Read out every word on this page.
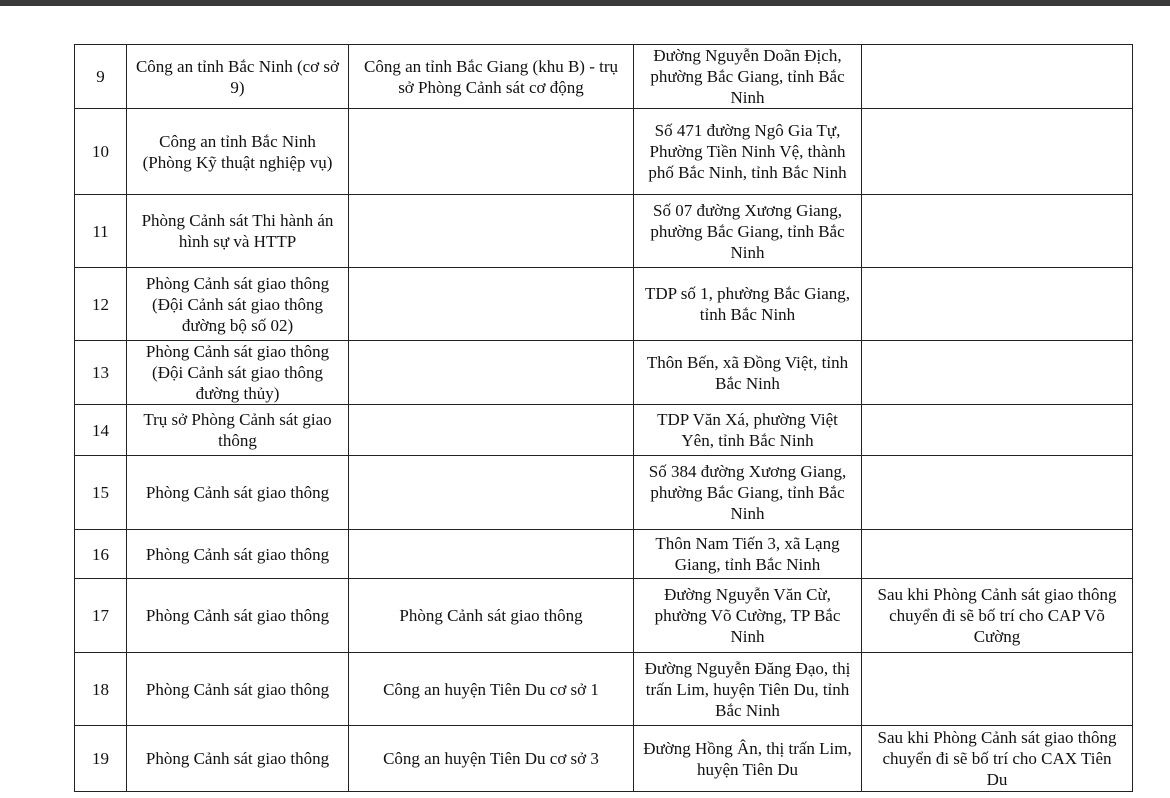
9	Công an tỉnh Bắc Ninh (cơ sở 9)	Công an tỉnh Bắc Giang (khu B) - trụ sở Phòng Cảnh sát cơ động	Đường Nguyễn Doãn Địch, phường Bắc Giang, tỉnh Bắc Ninh	
10	Công an tỉnh Bắc Ninh (Phòng Kỹ thuật nghiệp vụ)		Số 471 đường Ngô Gia Tự, Phường Tiền Ninh Vệ, thành phố Bắc Ninh, tỉnh Bắc Ninh	
11	Phòng Cảnh sát Thi hành án hình sự và HTTP		Số 07 đường Xương Giang, phường Bắc Giang, tỉnh Bắc Ninh	
12	Phòng Cảnh sát giao thông (Đội Cảnh sát giao thông đường bộ số 02)		TDP số 1, phường Bắc Giang, tỉnh Bắc Ninh	
13	Phòng Cảnh sát giao thông (Đội Cảnh sát giao thông đường thủy)		Thôn Bến, xã Đồng Việt, tỉnh Bắc Ninh	
14	Trụ sở Phòng Cảnh sát giao thông		TDP Văn Xá, phường Việt Yên, tỉnh Bắc Ninh	
15	Phòng Cảnh sát giao thông		Số 384 đường Xương Giang, phường Bắc Giang, tỉnh Bắc Ninh	
16	Phòng Cảnh sát giao thông		Thôn Nam Tiến 3, xã Lạng Giang, tỉnh Bắc Ninh	
17	Phòng Cảnh sát giao thông	Phòng Cảnh sát giao thông	Đường Nguyễn Văn Cừ, phường Võ Cường, TP Bắc Ninh	Sau khi Phòng Cảnh sát giao thông chuyển đi sẽ bố trí cho CAP Võ Cường
18	Phòng Cảnh sát giao thông	Công an huyện Tiên Du cơ sở 1	Đường Nguyễn Đăng Đạo, thị trấn Lim, huyện Tiên Du, tỉnh Bắc Ninh	
19	Phòng Cảnh sát giao thông	Công an huyện Tiên Du cơ sở 3	Đường Hồng Ân, thị trấn Lim, huyện Tiên Du	Sau khi Phòng Cảnh sát giao thông chuyển đi sẽ bố trí cho CAX Tiên Du
